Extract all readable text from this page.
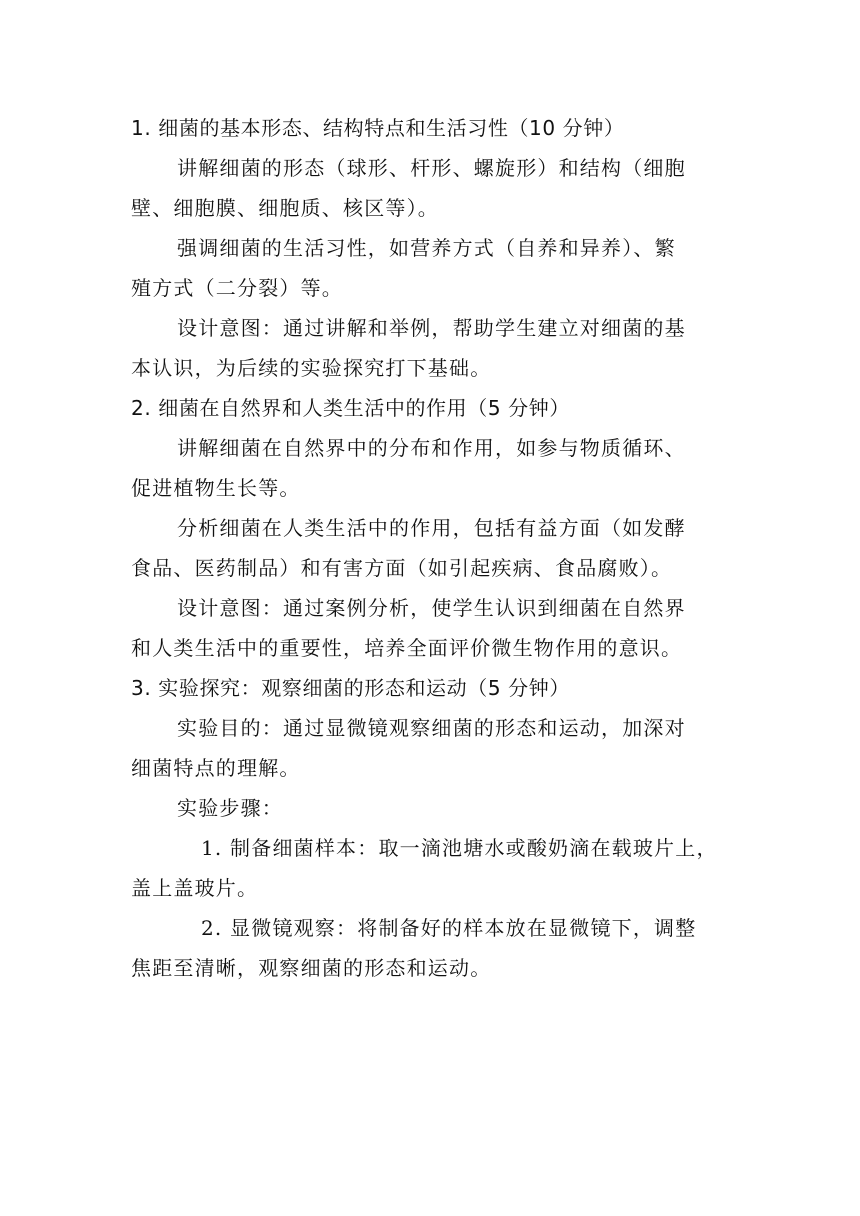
1. 细菌的基本形态、结构特点和生活习性（10 分钟）
讲解细菌的形态（球形、杆形、螺旋形）和结构（细胞
壁、细胞膜、细胞质、核区等）。
强调细菌的生活习性，如营养方式（自养和异养）、繁
殖方式（二分裂）等。
设计意图：通过讲解和举例，帮助学生建立对细菌的基
本认识，为后续的实验探究打下基础。
2. 细菌在自然界和人类生活中的作用（5 分钟）
讲解细菌在自然界中的分布和作用，如参与物质循环、
促进植物生长等。
分析细菌在人类生活中的作用，包括有益方面（如发酵
食品、医药制品）和有害方面（如引起疾病、食品腐败）。
设计意图：通过案例分析，使学生认识到细菌在自然界
和人类生活中的重要性，培养全面评价微生物作用的意识。
3. 实验探究：观察细菌的形态和运动（5 分钟）
实验目的：通过显微镜观察细菌的形态和运动，加深对
细菌特点的理解。
实验步骤：
1. 制备细菌样本：取一滴池塘水或酸奶滴在载玻片上，
盖上盖玻片。
2. 显微镜观察：将制备好的样本放在显微镜下，调整
焦距至清晰，观察细菌的形态和运动。
